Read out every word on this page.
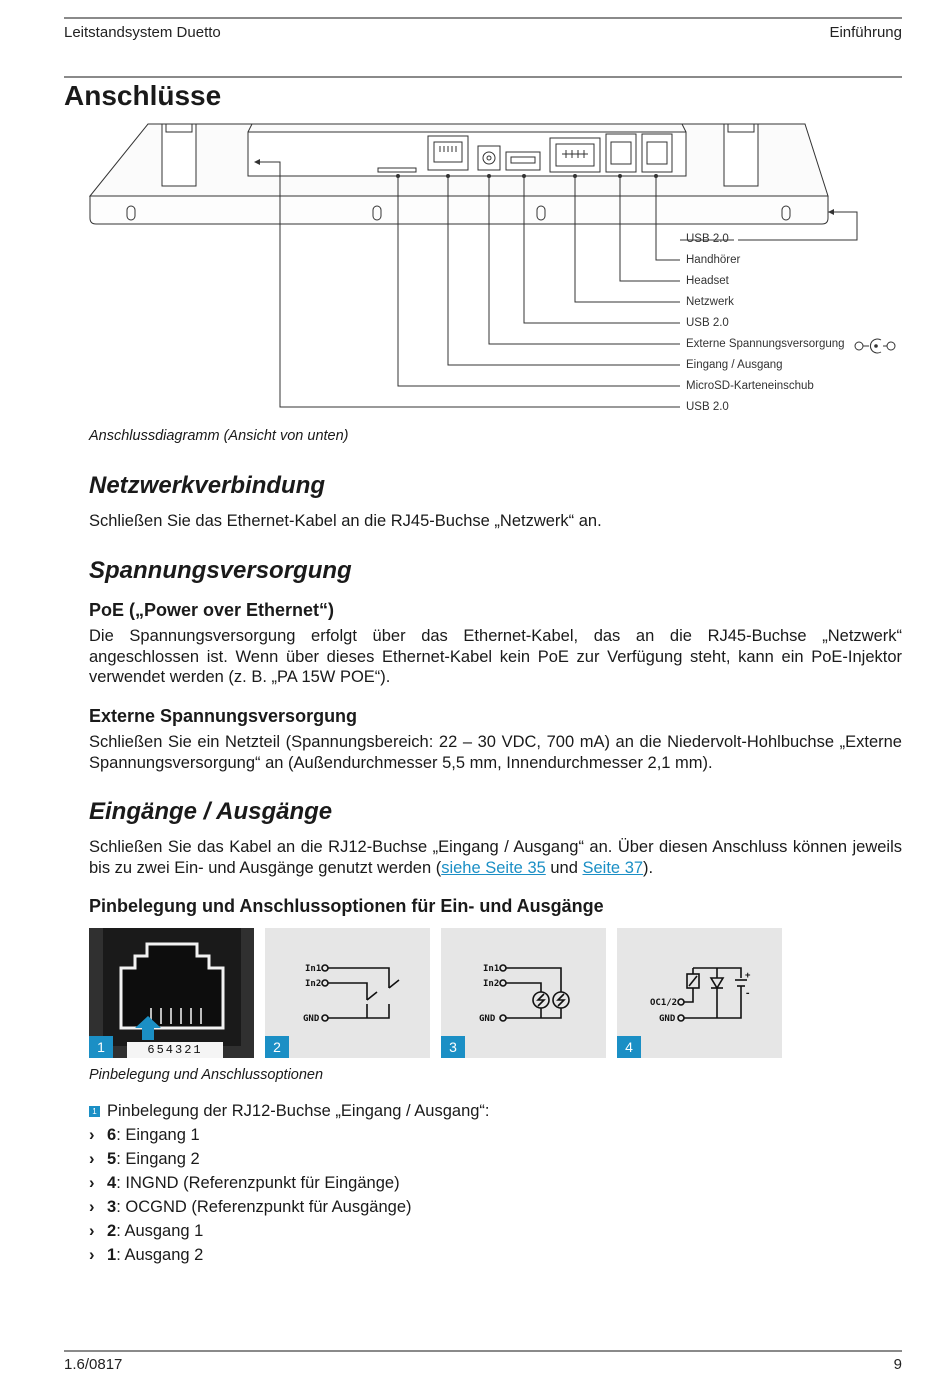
Leitstandsystem Duetto	Einführung
Anschlüsse
USB 2.0
Handhörer
Headset
Netzwerk
USB 2.0
Externe Spannungsversorgung
Eingang / Ausgang
MicroSD-Karteneinschub
USB 2.0
Anschlussdiagramm (Ansicht von unten)
Netzwerkverbindung

Schließen Sie das Ethernet-Kabel an die RJ45-Buchse „Netzwerk“ an.

Spannungsversorgung
PoE („Power over Ethernet“)

Die Spannungsversorgung erfolgt über das Ethernet-Kabel, das an die RJ45-Buchse „Netzwerk“ angeschlossen ist. Wenn über dieses Ethernet-Kabel kein PoE zur Verfügung steht, kann ein PoE-Injektor verwendet werden (z. B. „PA 15W POE“).

Externe Spannungsversorgung

Schließen Sie ein Netzteil (Spannungsbereich: 22 – 30 VDC, 700 mA) an die Niedervolt-Hohlbuchse „Externe Spannungsversorgung“ an (Außendurchmesser 5,5 mm, Innendurchmesser 2,1 mm).

Eingänge / Ausgänge

Schließen Sie das Kabel an die RJ12-Buchse „Eingang / Ausgang“ an. Über diesen Anschluss können jeweils bis zu zwei Ein- und Ausgänge genutzt werden (siehe Seite 35 und Seite 37).

Pinbelegung und Anschlussoptionen für Ein- und Ausgänge
654321
1
In1
In2
GND
2
In1
In2
GND
3
OC1/2
GND
+
-
4
Pinbelegung und Anschlussoptionen
1 Pinbelegung der RJ12-Buchse „Eingang / Ausgang“:
› 6: Eingang 1
› 5: Eingang 2
› 4: INGND (Referenzpunkt für Eingänge)
› 3: OCGND (Referenzpunkt für Ausgänge)
› 2: Ausgang 1
› 1: Ausgang 2
1.6/0817	9
